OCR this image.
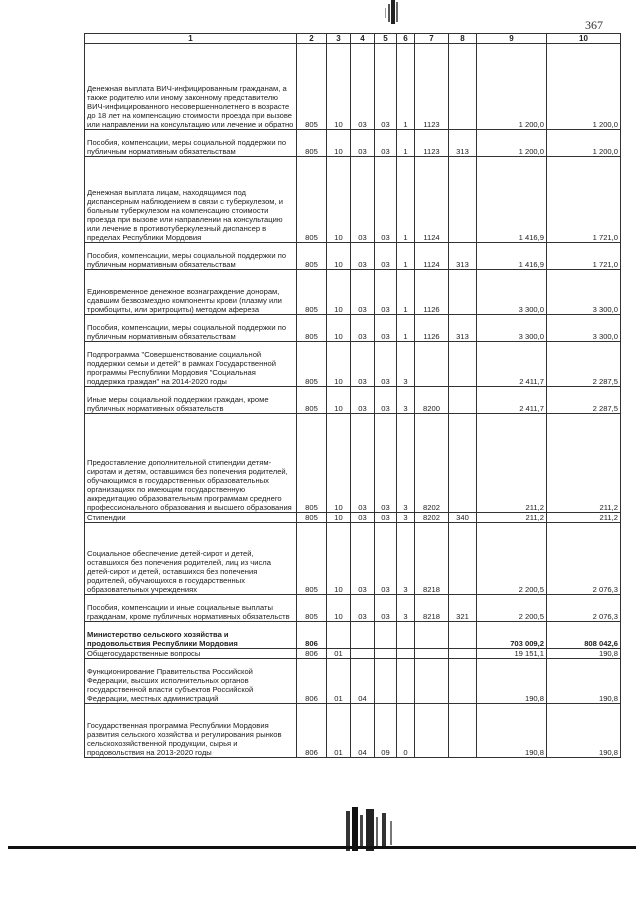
367
1	2	3	4	5	6	7	8	9	10
Денежная выплата ВИЧ-инфицированным гражданам, а также родителю или иному законному представителю ВИЧ-инфицированного несовершеннолетнего в возрасте до 18 лет на компенсацию стоимости проезда при вызове или направлении на консультацию или лечение и обратно	805	10	03	03	1	1123		1 200,0	1 200,0
Пособия, компенсации, меры социальной поддержки по публичным нормативным обязательствам	805	10	03	03	1	1123	313	1 200,0	1 200,0
Денежная выплата лицам, находящимся под диспансерным наблюдением в связи с туберкулезом, и больным туберкулезом на компенсацию стоимости проезда при вызове или направлении на консультацию или лечение в противотуберкулезный диспансер в пределах Республики Мордовия	805	10	03	03	1	1124		1 416,9	1 721,0
Пособия, компенсации, меры социальной поддержки по публичным нормативным обязательствам	805	10	03	03	1	1124	313	1 416,9	1 721,0
Единовременное денежное вознаграждение донорам, сдавшим безвозмездно компоненты крови (плазму или тромбоциты, или эритроциты) методом афереза	805	10	03	03	1	1126		3 300,0	3 300,0
Пособия, компенсации, меры социальной поддержки по публичным нормативным обязательствам	805	10	03	03	1	1126	313	3 300,0	3 300,0
Подпрограмма "Совершенствование социальной поддержки семьи и детей" в рамках Государственной программы Республики Мордовия "Социальная поддержка граждан" на 2014-2020 годы	805	10	03	03	3			2 411,7	2 287,5
Иные меры социальной поддержки граждан, кроме публичных нормативных обязательств	805	10	03	03	3	8200		2 411,7	2 287,5
Предоставление дополнительной стипендии детям-сиротам и детям, оставшимся без попечения родителей, обучающимся в государственных образовательных организациях по имеющим государственную аккредитацию образовательным программам среднего профессионального образования и высшего образования	805	10	03	03	3	8202		211,2	211,2
Стипендии	805	10	03	03	3	8202	340	211,2	211,2
Социальное обеспечение детей-сирот и детей, оставшихся без попечения родителей, лиц из числа детей-сирот и детей, оставшихся без попечения родителей, обучающихся в государственных образовательных учреждениях	805	10	03	03	3	8218		2 200,5	2 076,3
Пособия, компенсации и иные социальные выплаты гражданам, кроме публичных нормативных обязательств	805	10	03	03	3	8218	321	2 200,5	2 076,3
Министерство сельского хозяйства и продовольствия Республики Мордовия	806							703 009,2	808 042,6
Общегосударственные вопросы	806	01						19 151,1	190,8
Функционирование Правительства Российской Федерации, высших исполнительных органов государственной власти субъектов Российской Федерации, местных администраций	806	01	04					190,8	190,8
Государственная программа Республики Мордовия развития сельского хозяйства и регулирования рынков сельскохозяйственной продукции, сырья и продовольствия на 2013-2020 годы	806	01	04	09	0			190,8	190,8
